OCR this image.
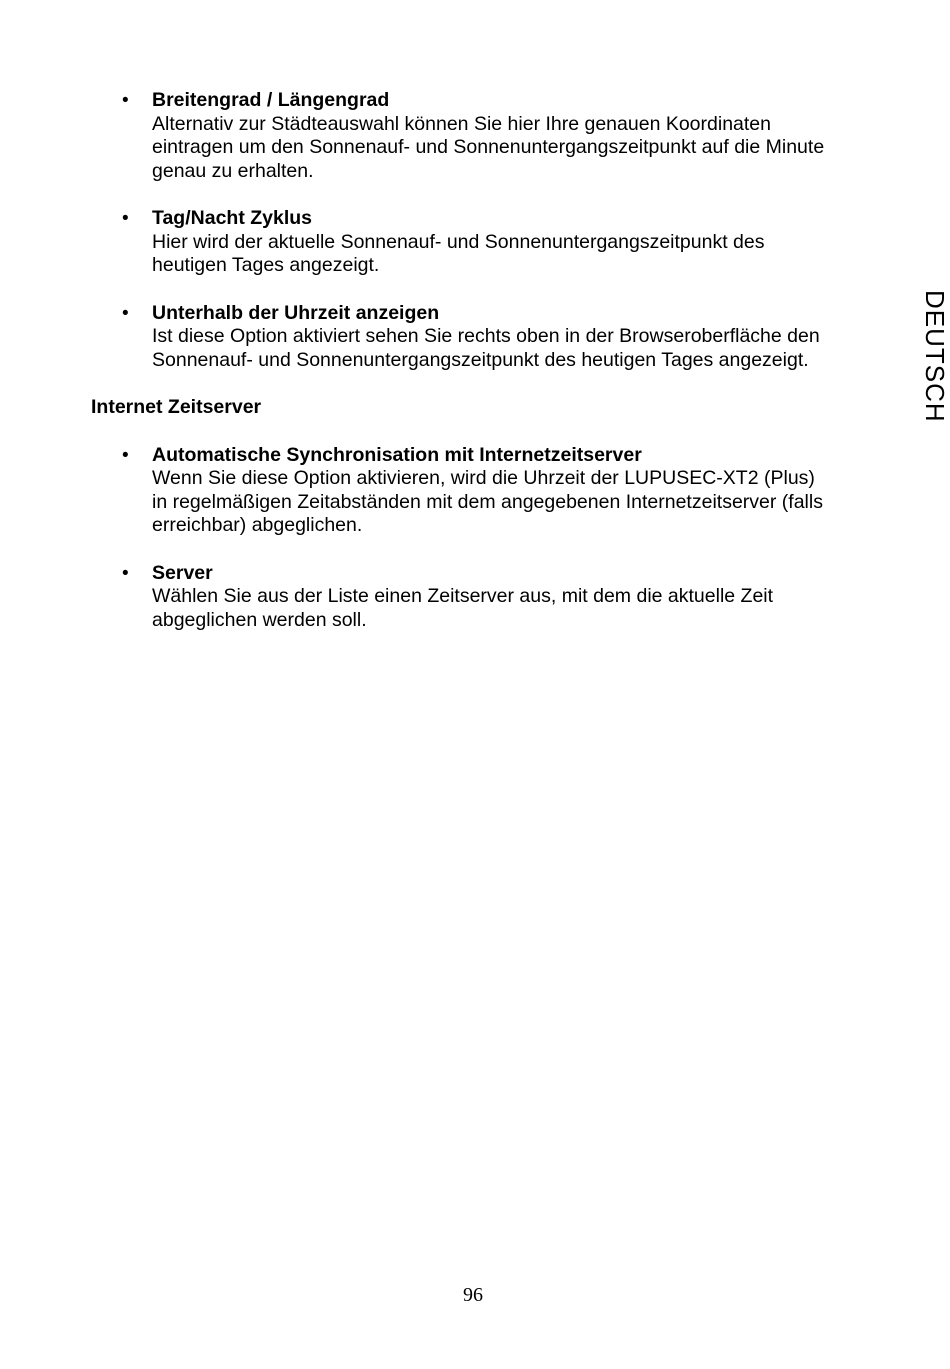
• Breitengrad / Längengrad
Alternativ zur Städteauswahl können Sie hier Ihre genauen Koordinaten
eintragen um den Sonnenauf- und Sonnenuntergangszeitpunkt auf die Minute
genau zu erhalten.
• Tag/Nacht Zyklus
Hier wird der aktuelle Sonnenauf- und Sonnenuntergangszeitpunkt des
heutigen Tages angezeigt.
• Unterhalb der Uhrzeit anzeigen
Ist diese Option aktiviert sehen Sie rechts oben in der Browseroberfläche den
Sonnenauf- und Sonnenuntergangszeitpunkt des heutigen Tages angezeigt.
Internet Zeitserver
• Automatische Synchronisation mit Internetzeitserver
Wenn Sie diese Option aktivieren, wird die Uhrzeit der LUPUSEC-XT2 (Plus)
in regelmäßigen Zeitabständen mit dem angegebenen Internetzeitserver (falls
erreichbar) abgeglichen.
• Server
Wählen Sie aus der Liste einen Zeitserver aus, mit dem die aktuelle Zeit
abgeglichen werden soll.
DEUTSCH
96
